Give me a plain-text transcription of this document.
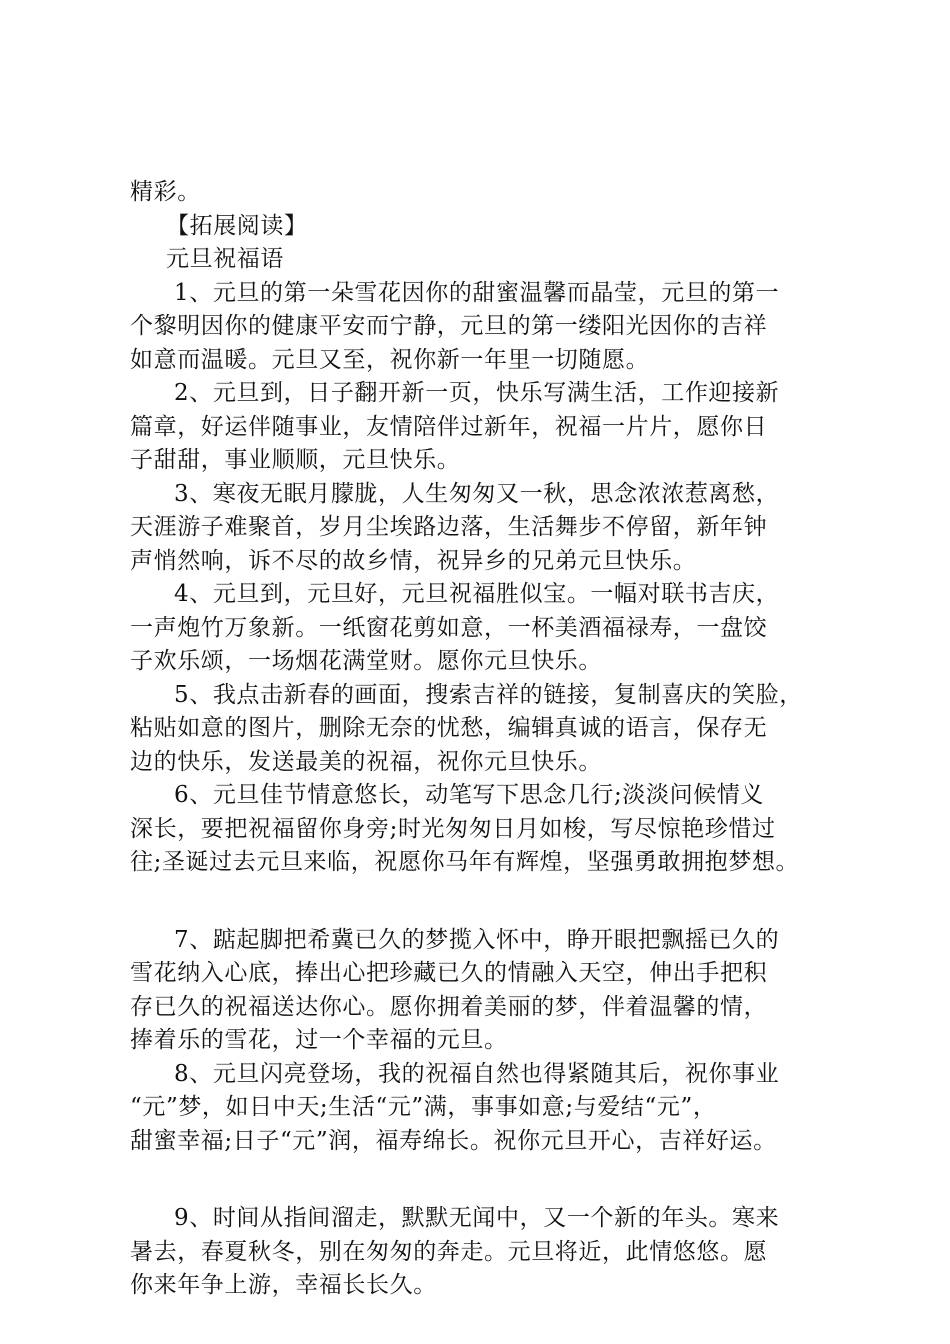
精彩。
【拓展阅读】
元旦祝福语
1、元旦的第一朵雪花因你的甜蜜温馨而晶莹，元旦的第一
个黎明因你的健康平安而宁静，元旦的第一缕阳光因你的吉祥
如意而温暖。元旦又至，祝你新一年里一切随愿。
2、元旦到，日子翻开新一页，快乐写满生活，工作迎接新
篇章，好运伴随事业，友情陪伴过新年，祝福一片片，愿你日
子甜甜，事业顺顺，元旦快乐。
3、寒夜无眠月朦胧，人生匆匆又一秋，思念浓浓惹离愁，
天涯游子难聚首，岁月尘埃路边落，生活舞步不停留，新年钟
声悄然响，诉不尽的故乡情，祝异乡的兄弟元旦快乐。
4、元旦到，元旦好，元旦祝福胜似宝。一幅对联书吉庆，
一声炮竹万象新。一纸窗花剪如意，一杯美酒福禄寿，一盘饺
子欢乐颂，一场烟花满堂财。愿你元旦快乐。
5、我点击新春的画面，搜索吉祥的链接，复制喜庆的笑脸，
粘贴如意的图片，删除无奈的忧愁，编辑真诚的语言，保存无
边的快乐，发送最美的祝福，祝你元旦快乐。
6、元旦佳节情意悠长，动笔写下思念几行;淡淡问候情义
深长，要把祝福留你身旁;时光匆匆日月如梭，写尽惊艳珍惜过
往;圣诞过去元旦来临，祝愿你马年有辉煌，坚强勇敢拥抱梦想。
7、踮起脚把希冀已久的梦揽入怀中，睁开眼把飘摇已久的
雪花纳入心底，捧出心把珍藏已久的情融入天空，伸出手把积
存已久的祝福送达你心。愿你拥着美丽的梦，伴着温馨的情，
捧着乐的雪花，过一个幸福的元旦。
8、元旦闪亮登场，我的祝福自然也得紧随其后，祝你事业
“元”梦，如日中天;生活“元”满，事事如意;与爱结“元”，
甜蜜幸福;日子“元”润，福寿绵长。祝你元旦开心，吉祥好运。
9、时间从指间溜走，默默无闻中，又一个新的年头。寒来
暑去，春夏秋冬，别在匆匆的奔走。元旦将近，此情悠悠。愿
你来年争上游，幸福长长久。
